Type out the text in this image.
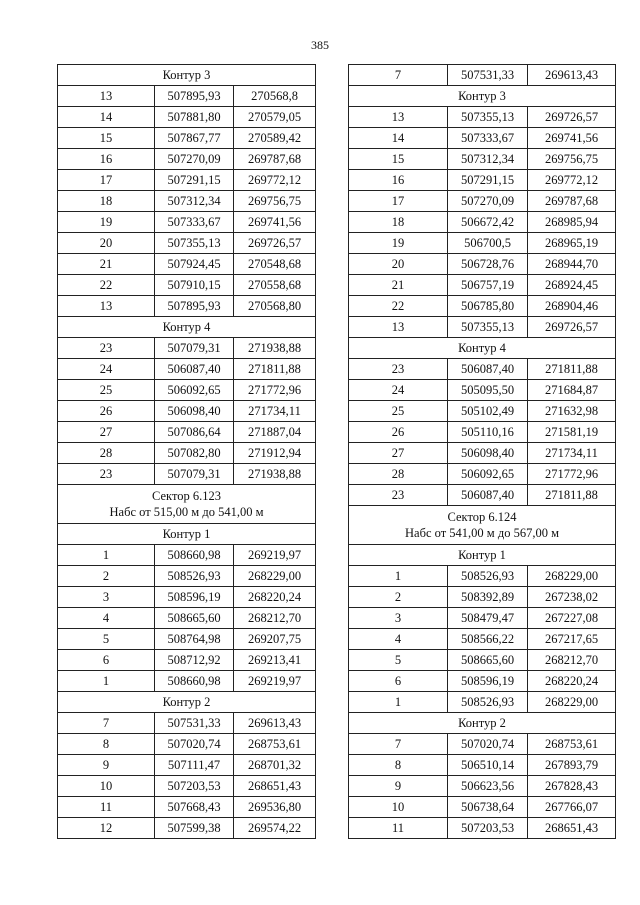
385
Контур 3		
13	507895,93	270568,8
14	507881,80	270579,05
15	507867,77	270589,42
16	507270,09	269787,68
17	507291,15	269772,12
18	507312,34	269756,75
19	507333,67	269741,56
20	507355,13	269726,57
21	507924,45	270548,68
22	507910,15	270558,68
13	507895,93	270568,80
Контур 4		
23	507079,31	271938,88
24	506087,40	271811,88
25	506092,65	271772,96
26	506098,40	271734,11
27	507086,64	271887,04
28	507082,80	271912,94
23	507079,31	271938,88

Сектор 6.123
Набс от 515,00 м до 541,00 м		

Контур 1		
1	508660,98	269219,97
2	508526,93	268229,00
3	508596,19	268220,24
4	508665,60	268212,70
5	508764,98	269207,75
6	508712,92	269213,41
1	508660,98	269219,97
Контур 2		
7	507531,33	269613,43
8	507020,74	268753,61
9	507111,47	268701,32
10	507203,53	268651,43
11	507668,43	269536,80
12	507599,38	269574,22
7	507531,33	269613,43
Контур 3		
13	507355,13	269726,57
14	507333,67	269741,56
15	507312,34	269756,75
16	507291,15	269772,12
17	507270,09	269787,68
18	506672,42	268985,94
19	506700,5	268965,19
20	506728,76	268944,70
21	506757,19	268924,45
22	506785,80	268904,46
13	507355,13	269726,57
Контур 4		
23	506087,40	271811,88
24	505095,50	271684,87
25	505102,49	271632,98
26	505110,16	271581,19
27	506098,40	271734,11
28	506092,65	271772,96
23	506087,40	271811,88

Сектор 6.124
Набс от 541,00 м до 567,00 м		

Контур 1		
1	508526,93	268229,00
2	508392,89	267238,02
3	508479,47	267227,08
4	508566,22	267217,65
5	508665,60	268212,70
6	508596,19	268220,24
1	508526,93	268229,00
Контур 2		
7	507020,74	268753,61
8	506510,14	267893,79
9	506623,56	267828,43
10	506738,64	267766,07
11	507203,53	268651,43
